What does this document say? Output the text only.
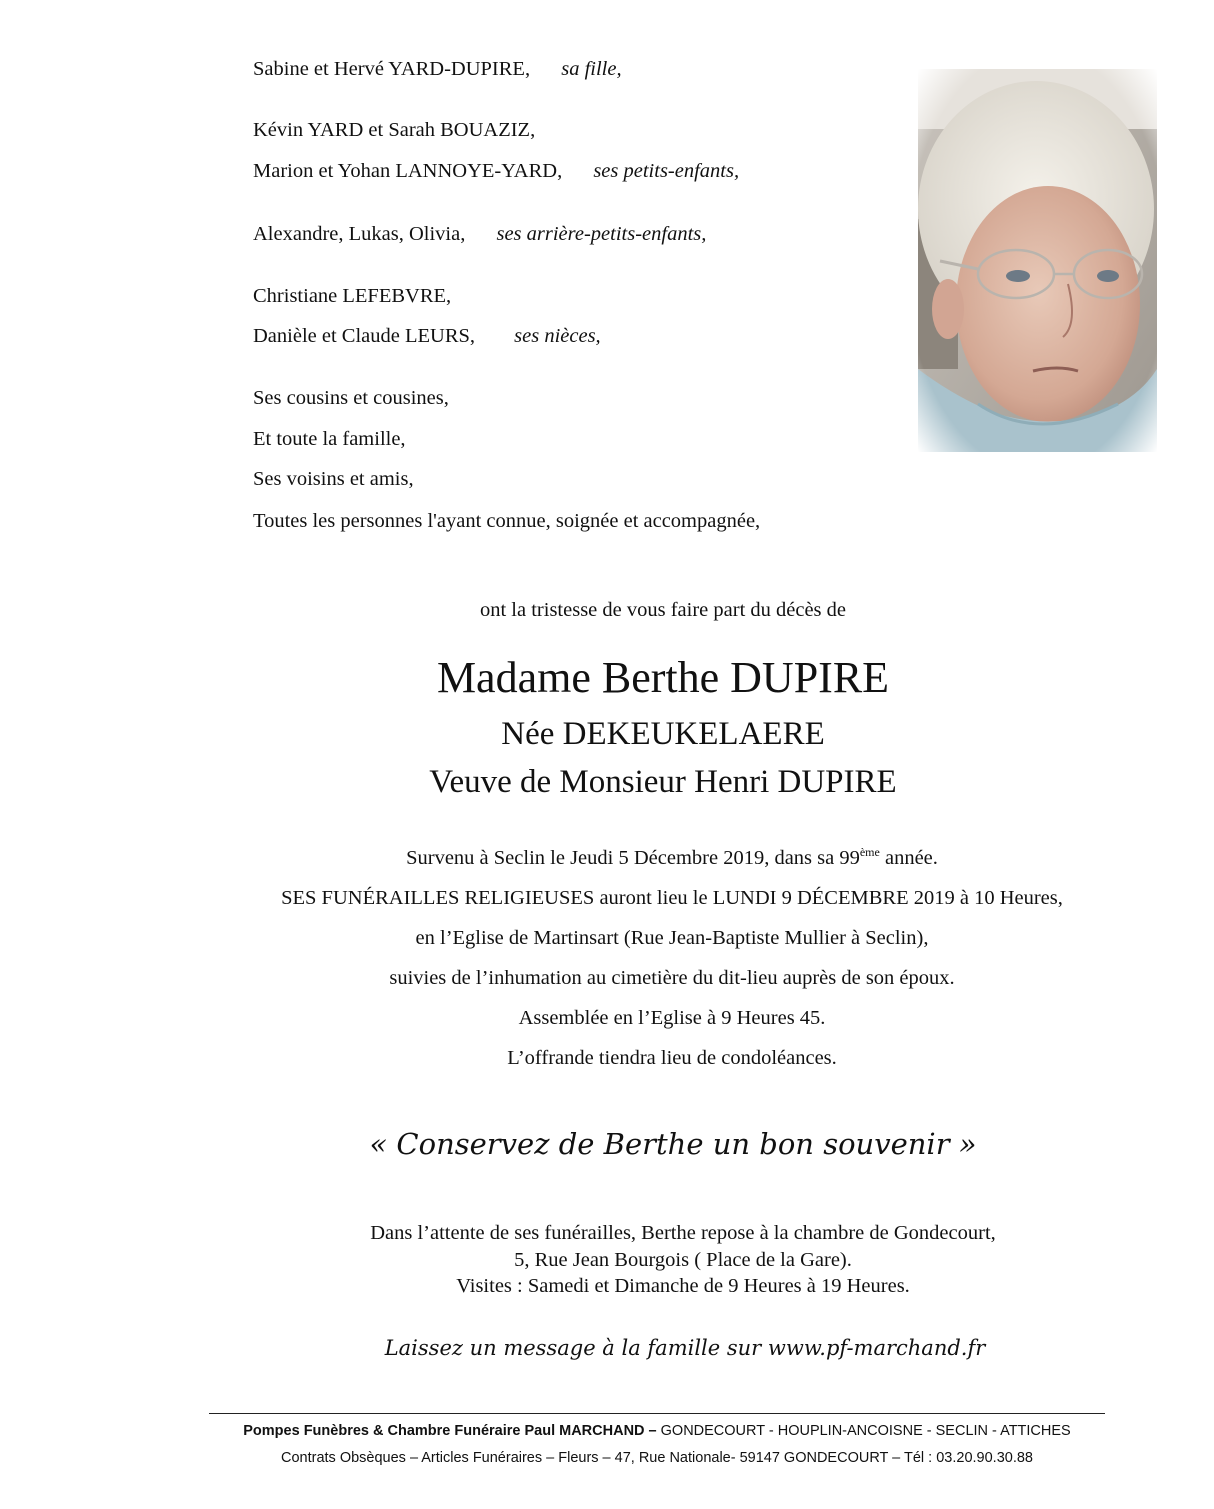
Sabine et Hervé YARD-DUPIRE, sa fille,
Kévin YARD et Sarah BOUAZIZ,
Marion et Yohan LANNOYE-YARD, ses petits-enfants,
Alexandre, Lukas, Olivia, ses arrière-petits-enfants,
Christiane LEFEBVRE,
Danièle et Claude LEURS, ses nièces,
Ses cousins et cousines,
Et toute la famille,
Ses voisins et amis,
Toutes les personnes l'ayant connue, soignée et accompagnée,
ont la tristesse de vous faire part du décès de
Madame Berthe DUPIRE
Née DEKEUKELAERE
Veuve de Monsieur Henri DUPIRE
Survenu à Seclin le Jeudi 5 Décembre 2019, dans sa 99ème année.
SES FUNÉRAILLES RELIGIEUSES auront lieu le LUNDI 9 DÉCEMBRE 2019 à 10 Heures,
en l’Eglise de Martinsart (Rue Jean-Baptiste Mullier à Seclin),
suivies de l’inhumation au cimetière du dit-lieu auprès de son époux.
Assemblée en l’Eglise à 9 Heures 45.
L’offrande tiendra lieu de condoléances.
« Conservez de Berthe un bon souvenir »
Dans l’attente de ses funérailles, Berthe repose à la chambre de Gondecourt,
5, Rue Jean Bourgois ( Place de la Gare).
Visites : Samedi et Dimanche de 9 Heures à 19 Heures.
Laissez un message à la famille sur www.pf-marchand.fr
Pompes Funèbres & Chambre Funéraire Paul MARCHAND – GONDECOURT - HOUPLIN-ANCOISNE - SECLIN - ATTICHES
Contrats Obsèques – Articles Funéraires – Fleurs – 47, Rue Nationale- 59147 GONDECOURT – Tél : 03.20.90.30.88
